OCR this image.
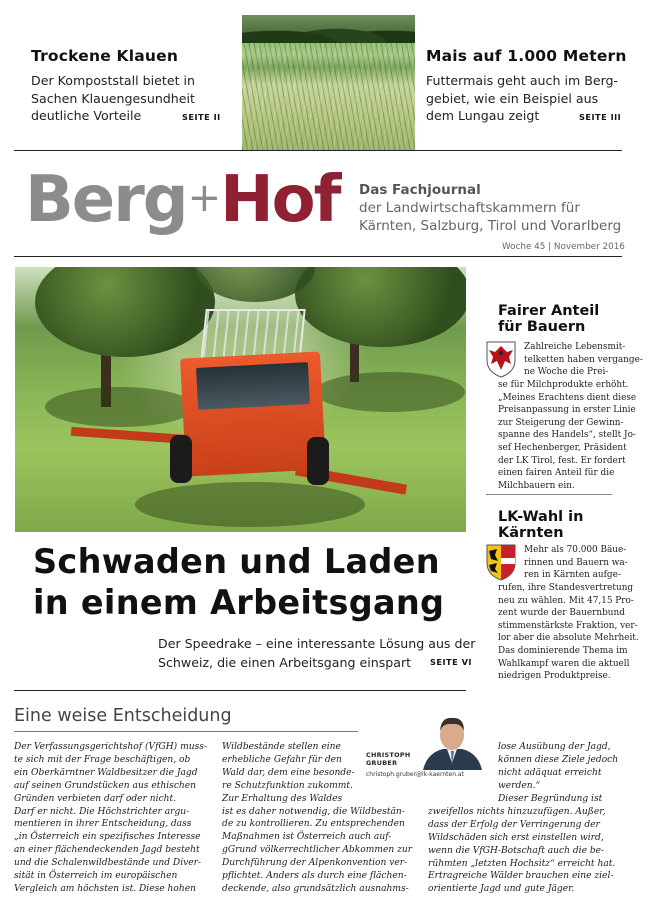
Trockene Klauen
Der Kompoststall bietet in
Sachen Klauengesundheit
deutliche Vorteile	SEITE II
Mais auf 1.000 Metern
Futtermais geht auch im Berg-
gebiet, wie ein Beispiel aus
dem Lungau zeigt	SEITE III
Berg+Hof Das Fachjournal
der Landwirtschaftskammern für
Kärnten, Salzburg, Tirol und Vorarlberg
Woche 45 | November 2016
Schwaden und Laden
in einem Arbeitsgang
Der Speedrake – eine interessante Lösung aus der
Schweiz, die einen Arbeitsgang einspart	SEITE VI
Fairer Anteil
für Bauern
Zahlreiche Lebensmit-
telketten haben vergange-
ne Woche die Prei-
se für Milchprodukte erhöht.
„Meines Erachtens dient diese
Preisanpassung in erster Linie
zur Steigerung der Gewinn-
spanne des Handels“, stellt Jo-
sef Hechenberger, Präsident
der LK Tirol, fest. Er fordert
einen fairen Anteil für die
Milchbauern ein.
LK-Wahl in
Kärnten
Mehr als 70.000 Bäue-
rinnen und Bauern wa-
ren in Kärnten aufge-
rufen, ihre Standesvertretung
neu zu wählen. Mit 47,15 Pro-
zent wurde der Bauernbund
stimmenstärkste Fraktion, ver-
lor aber die absolute Mehrheit.
Das dominierende Thema im
Wahlkampf waren die aktuell
niedrigen Produktpreise.
Eine weise Entscheidung
Der Verfassungsgerichtshof (VfGH) muss-
te sich mit der Frage beschäftigen, ob
ein Oberkärntner Waldbesitzer die Jagd
auf seinen Grundstücken aus ethischen
Gründen verbieten darf oder nicht.
Darf er nicht. Die Höchstrichter argu-
mentieren in ihrer Entscheidung, dass
„in Österreich ein spezifisches Interesse
an einer flächendeckenden Jagd besteht
und die Schalenwildbestände und Diver-
sität in Österreich im europäischen
Vergleich am höchsten ist. Diese hohen
Wildbestände stellen eine
erhebliche Gefahr für den
Wald dar, dem eine besonde-
re Schutzfunktion zukommt.
Zur Erhaltung des Waldes
ist es daher notwendig, die Wildbestän-
de zu kontrollieren. Zu entsprechenden
Maßnahmen ist Österreich auch auf-
gGrund völkerrechtlicher Abkommen zur
Durchführung der Alpenkonvention ver-
pflichtet. Anders als durch eine flächen-
deckende, also grundsätzlich ausnahms-
CHRISTOPH
GRUBER
christoph.gruber@lk-kaernten.at
lose Ausübung der Jagd,
können diese Ziele jedoch
nicht adäquat erreicht
werden.“
Dieser Begründung ist
zweifellos nichts hinzuzufügen. Außer,
dass der Erfolg der Verringerung der
Wildschäden sich erst einstellen wird,
wenn die VfGH-Botschaft auch die be-
rühmten „letzten Hochsitz“ erreicht hat.
Ertragreiche Wälder brauchen eine ziel-
orientierte Jagd und gute Jäger.
